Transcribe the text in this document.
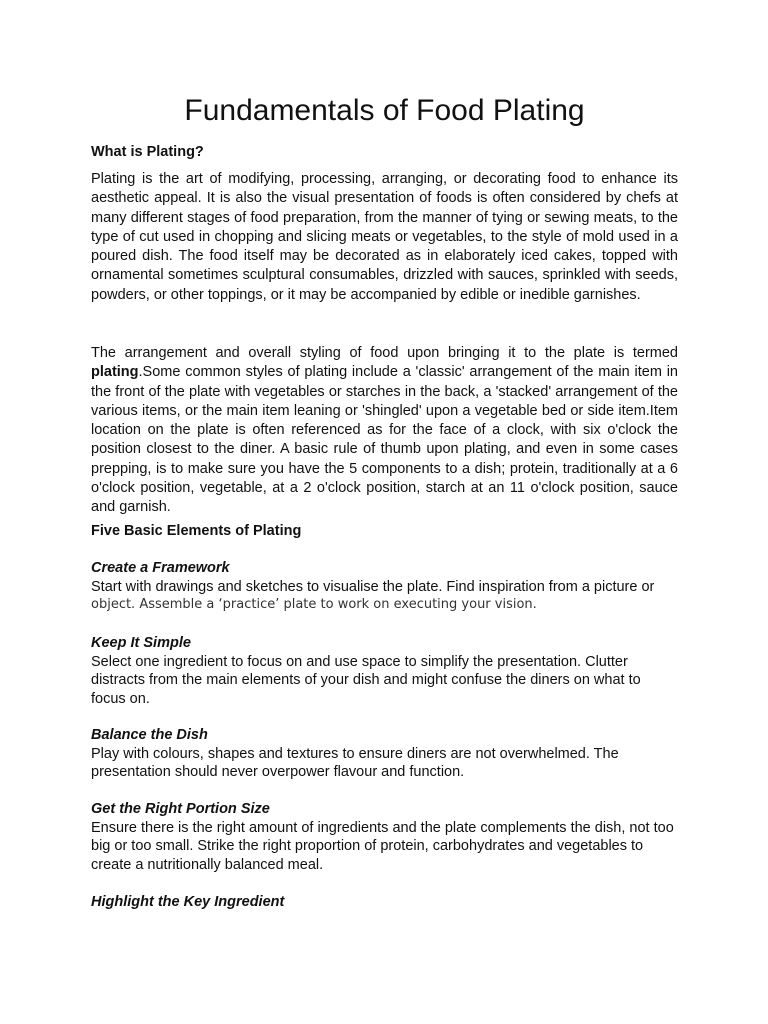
Fundamentals of Food Plating
What is Plating?

Plating is the art of modifying, processing, arranging, or decorating food to enhance its aesthetic appeal. It is also the visual presentation of foods is often considered by chefs at many different stages of food preparation, from the manner of tying or sewing meats, to the type of cut used in chopping and slicing meats or vegetables, to the style of mold used in a poured dish. The food itself may be decorated as in elaborately iced cakes, topped with ornamental sometimes sculptural consumables, drizzled with sauces, sprinkled with seeds, powders, or other toppings, or it may be accompanied by edible or inedible garnishes.

The arrangement and overall styling of food upon bringing it to the plate is termed plating.Some common styles of plating include a 'classic' arrangement of the main item in the front of the plate with vegetables or starches in the back, a 'stacked' arrangement of the various items, or the main item leaning or 'shingled' upon a vegetable bed or side item.Item location on the plate is often referenced as for the face of a clock, with six o'clock the position closest to the diner. A basic rule of thumb upon plating, and even in some cases prepping, is to make sure you have the 5 components to a dish; protein, traditionally at a 6 o'clock position, vegetable, at a 2 o'clock position, starch at an 11 o'clock position, sauce and garnish.

Five Basic Elements of Plating
Create a Framework
Start with drawings and sketches to visualise the plate. Find inspiration from a picture or
object. Assemble a ‘practice’ plate to work on executing your vision.
Keep It Simple
Select one ingredient to focus on and use space to simplify the presentation. Clutter distracts from the main elements of your dish and might confuse the diners on what to focus on.
Balance the Dish
Play with colours, shapes and textures to ensure diners are not overwhelmed. The presentation should never overpower flavour and function.
Get the Right Portion Size
Ensure there is the right amount of ingredients and the plate complements the dish, not too big or too small. Strike the right proportion of protein, carbohydrates and vegetables to create a nutritionally balanced meal.
Highlight the Key Ingredient
